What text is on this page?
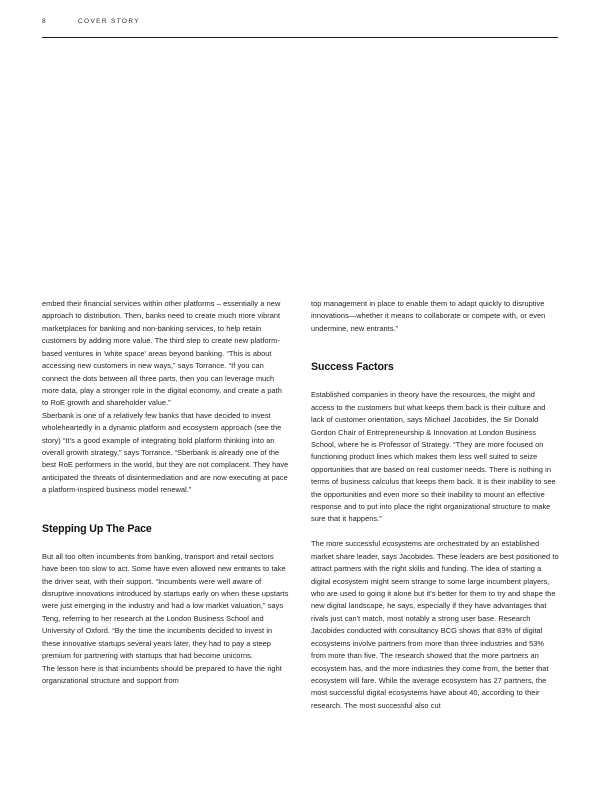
8	COVER STORY

embed their financial services within other platforms – essentially a new approach to distribution. Then, banks need to create much more vibrant marketplaces for banking and non-banking services, to help retain customers by adding more value. The third step to create new platform-based ventures in 'white space' areas beyond banking. “This is about accessing new customers in new ways,” says Torrance. “If you can connect the dots between all three parts, then you can leverage much more data, play a stronger role in the digital economy, and create a path to RoE growth and shareholder value.”

Sberbank is one of a relatively few banks that have decided to invest wholeheartedly in a dynamic platform and ecosystem approach (see the story) “It's a good example of integrating bold platform thinking into an overall growth strategy,” says Torrance. “Sberbank is already one of the best RoE performers in the world, but they are not complacent. They have anticipated the threats of disintermediation and are now executing at pace a platform-inspired business model renewal.”

Stepping Up The Pace

But all too often incumbents from banking, transport and retail sectors have been too slow to act. Some have even allowed new entrants to take the driver seat, with their support. “Incumbents were well aware of disruptive innovations introduced by startups early on when these upstarts were just emerging in the industry and had a low market valuation,” says Teng, referring to her research at the London Business School and University of Oxford. “By the time the incumbents decided to invest in these innovative startups several years later, they had to pay a steep premium for partnering with startups that had become unicorns.

The lesson here is that incumbents should be prepared to have the right organizational structure and support from

top management in place to enable them to adapt quickly to disruptive innovations—whether it means to collaborate or compete with, or even undermine, new entrants.”

Success Factors

Established companies in theory have the resources, the might and access to the customers but what keeps them back is their culture and lack of customer orientation, says Michael Jacobides, the Sir Donald Gordon Chair of Entrepreneurship & Innovation at London Business School, where he is Professor of Strategy. “They are more focused on functioning product lines which makes them less well suited to seize opportunities that are based on real customer needs. There is nothing in terms of business calculus that keeps them back. It is their inability to see the opportunities and even more so their inability to mount an effective response and to put into place the right organizational structure to make sure that it happens.”

The more successful ecosystems are orchestrated by an established market share leader, says Jacobides. These leaders are best positioned to attract partners with the right skills and funding. The idea of starting a digital ecosystem might seem strange to some large incumbent players, who are used to going it alone but it's better for them to try and shape the new digital landscape, he says, especially if they have advantages that rivals just can't match, most notably a strong user base. Research Jacobides conducted with consultancy BCG shows that 83% of digital ecosystems involve partners from more than three industries and 53% from more than five. The research showed that the more partners an ecosystem has, and the more industries they come from, the better that ecosystem will fare. While the average ecosystem has 27 partners, the most successful digital ecosystems have about 40, according to their research. The most successful also cut
